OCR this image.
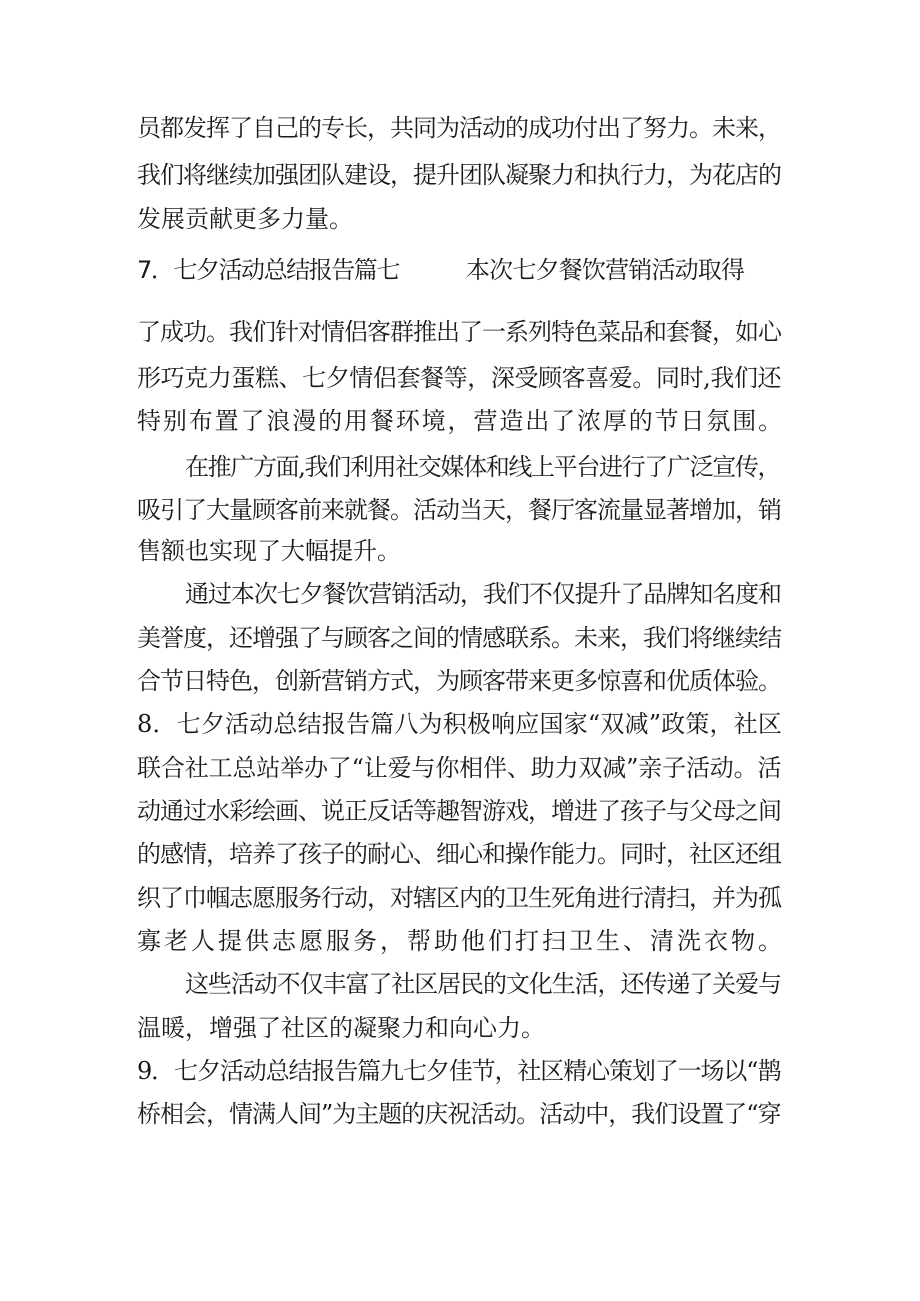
员都发挥了自己的专长，共同为活动的成功付出了努力。未来，

我们将继续加强团队建设，提升团队凝聚力和执行力，为花店的

发展贡献更多力量。

7．七夕活动总结报告篇七	本次七夕餐饮营销活动取得

了成功。我们针对情侣客群推出了一系列特色菜品和套餐，如心

形巧克力蛋糕、七夕情侣套餐等，深受顾客喜爱。同时,我们还

特别布置了浪漫的用餐环境，营造出了浓厚的节日氛围。

在推广方面,我们利用社交媒体和线上平台进行了广泛宣传，

吸引了大量顾客前来就餐。活动当天，餐厅客流量显著增加，销

售额也实现了大幅提升。

通过本次七夕餐饮营销活动，我们不仅提升了品牌知名度和

美誉度，还增强了与顾客之间的情感联系。未来，我们将继续结

合节日特色，创新营销方式，为顾客带来更多惊喜和优质体验。

8．七夕活动总结报告篇八为积极响应国家“双减”政策，社区

联合社工总站举办了“让爱与你相伴、助力双减”亲子活动。活

动通过水彩绘画、说正反话等趣智游戏，增进了孩子与父母之间

的感情，培养了孩子的耐心、细心和操作能力。同时，社区还组

织了巾帼志愿服务行动，对辖区内的卫生死角进行清扫，并为孤

寡老人提供志愿服务，帮助他们打扫卫生、清洗衣物。

这些活动不仅丰富了社区居民的文化生活，还传递了关爱与

温暖，增强了社区的凝聚力和向心力。

9．七夕活动总结报告篇九七夕佳节，社区精心策划了一场以“鹊

桥相会，情满人间”为主题的庆祝活动。活动中，我们设置了“穿
